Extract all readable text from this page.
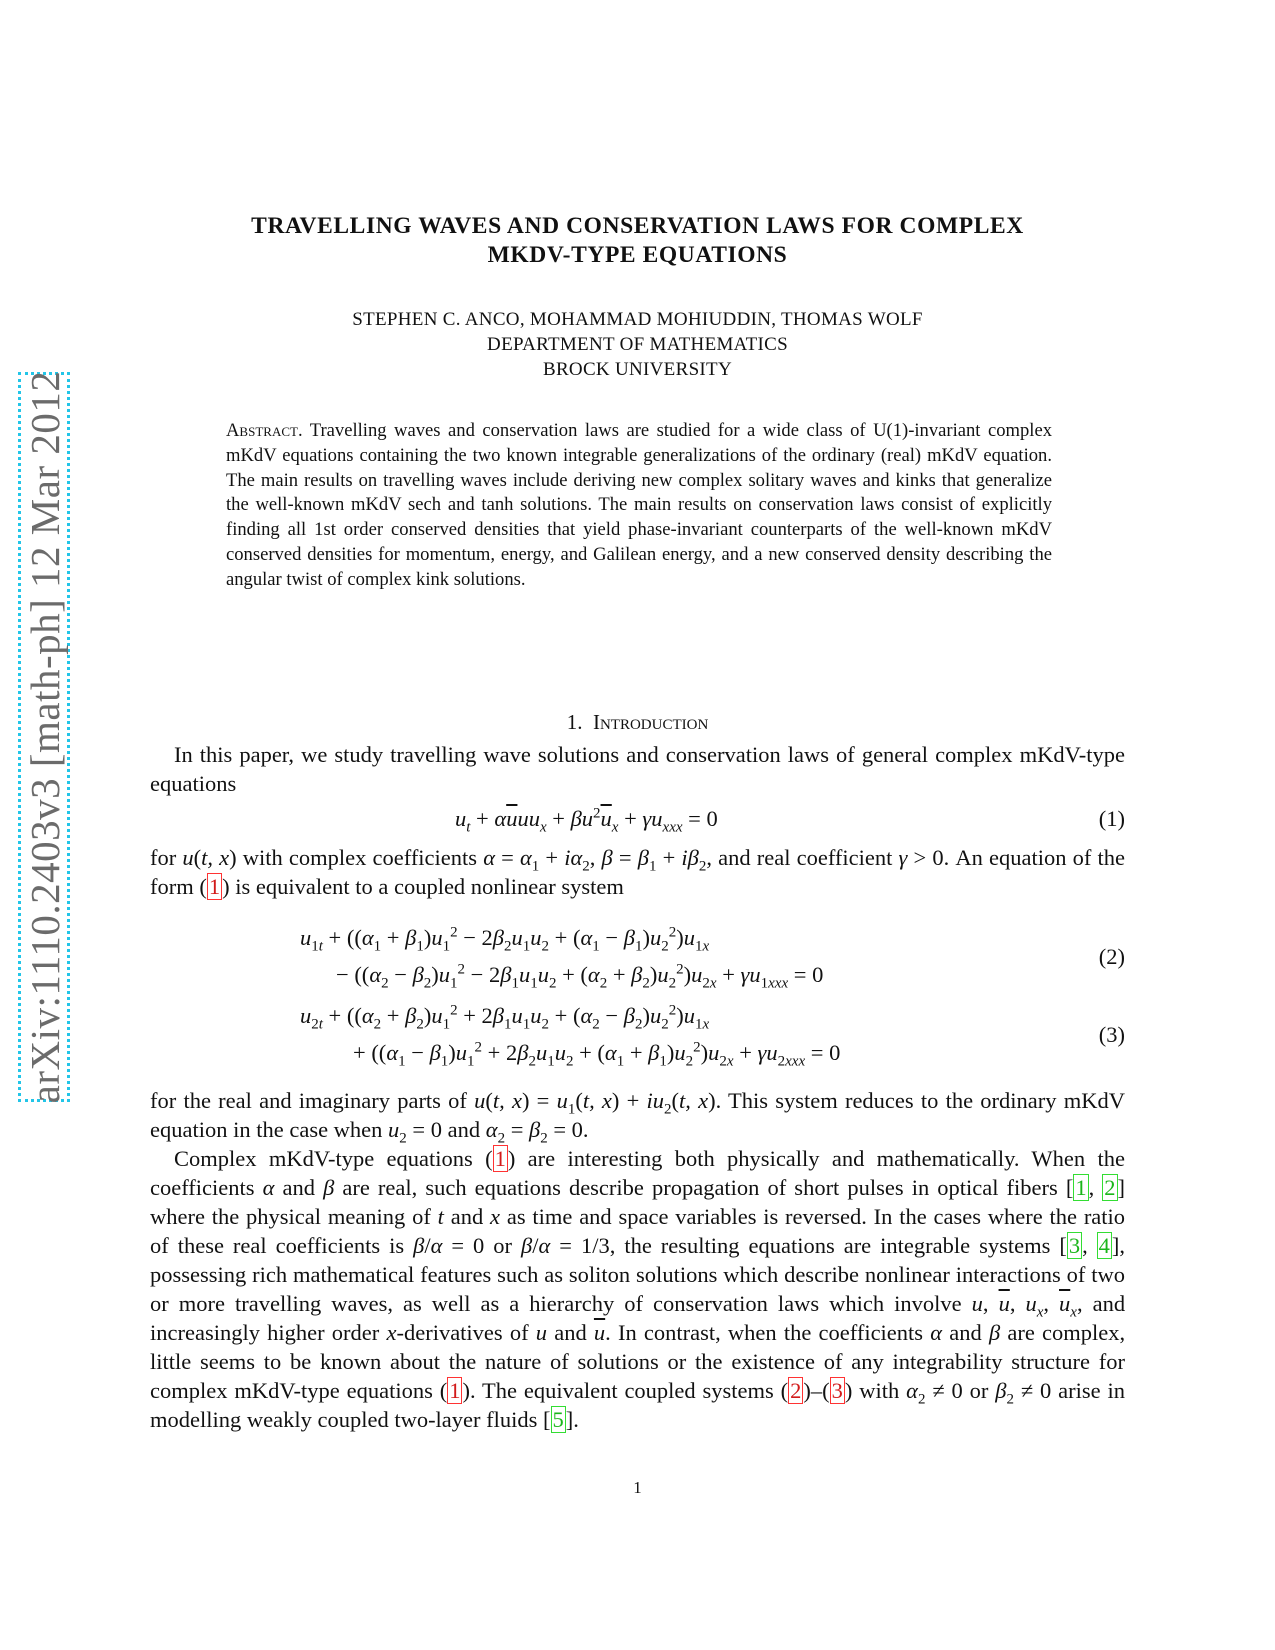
arXiv:1110.2403v3 [math-ph] 12 Mar 2012
TRAVELLING WAVES AND CONSERVATION LAWS FOR COMPLEX
MKDV-TYPE EQUATIONS
STEPHEN C. ANCO, MOHAMMAD MOHIUDDIN, THOMAS WOLF
DEPARTMENT OF MATHEMATICS
BROCK UNIVERSITY
Abstract. Travelling waves and conservation laws are studied for a wide class of U(1)-invariant complex mKdV equations containing the two known integrable generalizations of the ordinary (real) mKdV equation. The main results on travelling waves include deriving new complex solitary waves and kinks that generalize the well-known mKdV sech and tanh solutions. The main results on conservation laws consist of explicitly finding all 1st order conserved densities that yield phase-invariant counterparts of the well-known mKdV conserved densities for momentum, energy, and Galilean energy, and a new conserved density describing the angular twist of complex kink solutions.
1. Introduction
In this paper, we study travelling wave solutions and conservation laws of general complex mKdV-type equations
$u_t + \alpha\overline{u}uu_x + \beta u^2\overline{u}_x + \gamma u_{xxx} = 0$	(1)
for u(t, x) with complex coefficients $\alpha = \alpha_1 + i\alpha_2$, $\beta = \beta_1 + i\beta_2$, and real coefficient γ > 0. An equation of the form (1) is equivalent to a coupled nonlinear system
$u_{1t} + ((\alpha_1 + \beta_1)u_1^2 - 2\beta_2u_1u_2 + (\alpha_1 - \beta_1)u_2^2)u_{1x}$
− $((\alpha_2 - \beta_2)u_1^2 - 2\beta_1u_1u_2 + (\alpha_2 + \beta_2)u_2^2)u_{2x} + \gamma u_{1xxx} = 0$
(2)
$u_{2t} + ((\alpha_2 + \beta_2)u_1^2 + 2\beta_1u_1u_2 + (\alpha_2 - \beta_2)u_2^2)u_{1x}$
+ $((\alpha_1 - \beta_1)u_1^2 + 2\beta_2u_1u_2 + (\alpha_1 + \beta_1)u_2^2)u_{2x} + \gamma u_{2xxx} = 0$
(3)
for the real and imaginary parts of u(t, $x) = u_1(t$, $x) + iu_2(t$, x). This system reduces to the ordinary mKdV equation in the case when $u_2 = 0$ and $\alpha_2 = \beta_2 = 0$.
Complex mKdV-type equations (1) are interesting both physically and mathematically. When the coefficients α and β are real, such equations describe propagation of short pulses in optical fibers [1, 2] where the physical meaning of t and x as time and space variables is reversed. In the cases where the ratio of these real coefficients is β/α = 0 or β/α = 1/3, the resulting equations are integrable systems [3, 4], possessing rich mathematical features such as soliton solutions which describe nonlinear interactions of two or more travelling waves, as well as a hierarchy of conservation laws which involve u, $\overline{u}$, $u_x$, $\overline{u}_x$, and increasingly higher order x-derivatives of u and $\overline{u}$. In contrast, when the coefficients α and β are complex, little seems to be known about the nature of solutions or the existence of any integrability structure for complex mKdV-type equations (1). The equivalent coupled systems (2)–(3) with $\alpha_2 \ne 0$ or $\beta_2 \ne 0$ arise in modelling weakly coupled two-layer fluids [5].
1
